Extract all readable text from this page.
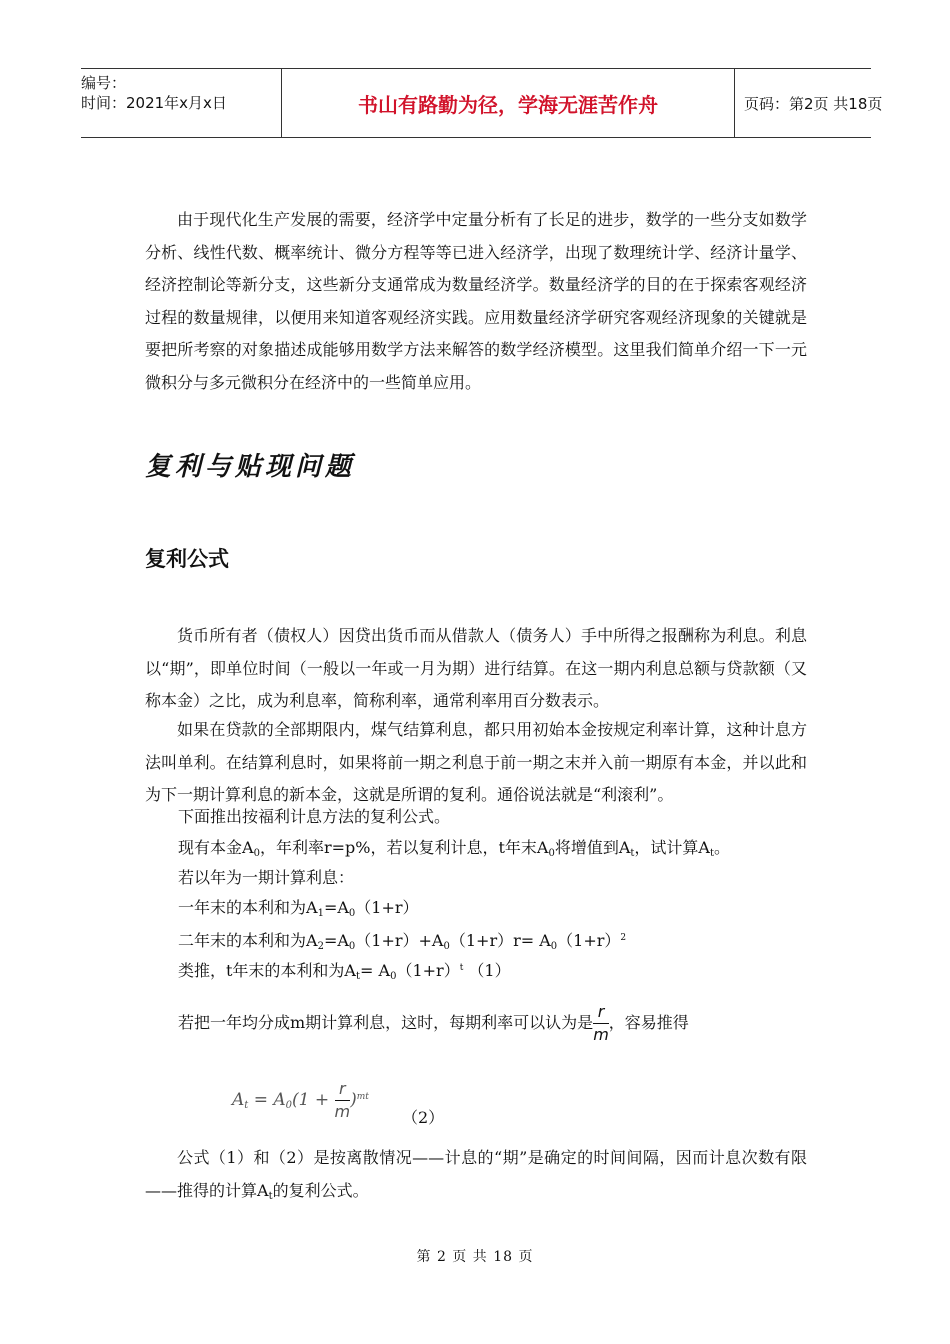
编号：
时间：2021年x月x日	书山有路勤为径，学海无涯苦作舟	页码：第2页 共18页
由于现代化生产发展的需要，经济学中定量分析有了长足的进步，数学的一些分支如数学分析、线性代数、概率统计、微分方程等等已进入经济学，出现了数理统计学、经济计量学、经济控制论等新分支，这些新分支通常成为数量经济学。数量经济学的目的在于探索客观经济过程的数量规律，以便用来知道客观经济实践。应用数量经济学研究客观经济现象的关键就是要把所考察的对象描述成能够用数学方法来解答的数学经济模型。这里我们简单介绍一下一元微积分与多元微积分在经济中的一些简单应用。
复利与贴现问题
复利公式
货币所有者（债权人）因贷出货币而从借款人（债务人）手中所得之报酬称为利息。利息以“期”，即单位时间（一般以一年或一月为期）进行结算。在这一期内利息总额与贷款额（又称本金）之比，成为利息率，简称利率，通常利率用百分数表示。
如果在贷款的全部期限内，煤气结算利息，都只用初始本金按规定利率计算，这种计息方法叫单利。在结算利息时，如果将前一期之利息于前一期之末并入前一期原有本金，并以此和为下一期计算利息的新本金，这就是所谓的复利。通俗说法就是“利滚利”。
下面推出按福利计息方法的复利公式。
现有本金$A_0$，年利率r=p%，若以复利计息，t年末$A_0$将增值到$A_t$，试计算$A_t$。
若以年为一期计算利息：
一年末的本利和为$A_1=A_0(1+r)$
二年末的本利和为$A_2=A_0(1+r)+A_0(1+r)r= A_0(1+r)^2$
类推，t年末的本利和为$A_t= A_0(1+r)^t$ （1）
若把一年均分成m期计算利息，这时，每期利率可以认为是 $\frac{r}{m}$ ，容易推得
$A_t = A_0(1 + \frac{r}{m} )^{mt}$
（2）
公式（1）和（2）是按离散情况——计息的“期”是确定的时间间隔，因而计息次数有限——推得的计算$A_t$的复利公式。
第 2 页 共 18 页
